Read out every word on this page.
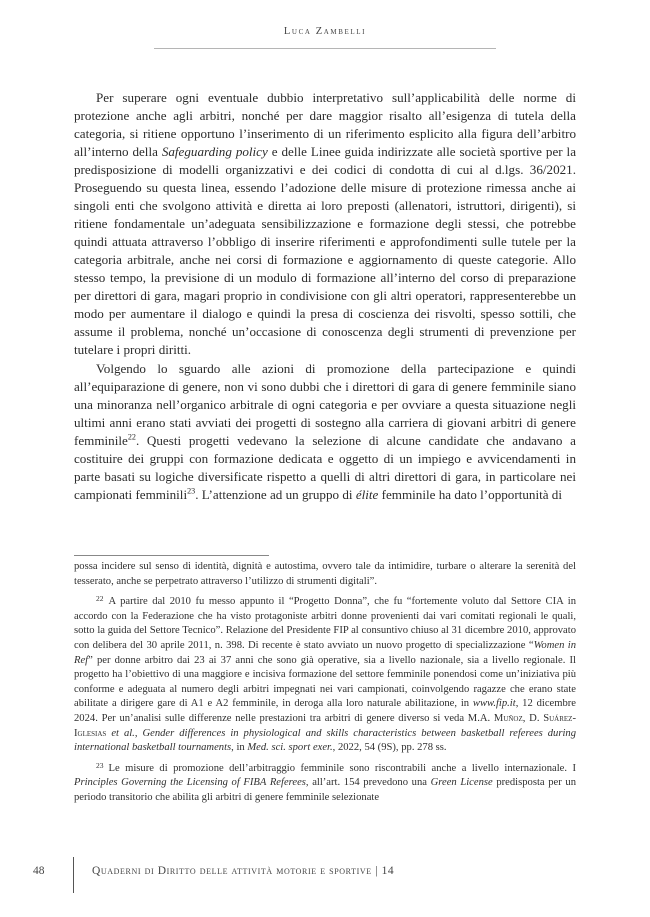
Luca Zambelli

Per superare ogni eventuale dubbio interpretativo sull’applicabilità delle norme di protezione anche agli arbitri, nonché per dare maggior risalto all’esigenza di tutela della categoria, si ritiene opportuno l’inserimento di un riferimento esplicito alla figura dell’arbitro all’interno della Safeguarding policy e delle Linee guida indirizzate alle società sportive per la predisposizione di modelli organizzativi e dei codici di condotta di cui al d.lgs. 36/2021. Proseguendo su questa linea, essendo l’adozione delle misure di protezione rimessa anche ai singoli enti che svolgono attività e diretta ai loro preposti (allenatori, istruttori, dirigenti), si ritiene fondamentale un’adeguata sensibilizzazione e formazione degli stessi, che potrebbe quindi attuata attraverso l’obbligo di inserire riferimenti e approfondimenti sulle tutele per la categoria arbitrale, anche nei corsi di formazione e aggiornamento di queste categorie. Allo stesso tempo, la previsione di un modulo di formazione all’interno del corso di preparazione per direttori di gara, magari proprio in condivisione con gli altri operatori, rappresenterebbe un modo per aumentare il dialogo e quindi la presa di coscienza dei risvolti, spesso sottili, che assume il problema, nonché un’occasione di conoscenza degli strumenti di prevenzione per tutelare i propri diritti.

Volgendo lo sguardo alle azioni di promozione della partecipazione e quindi all’equiparazione di genere, non vi sono dubbi che i direttori di gara di genere femminile siano una minoranza nell’organico arbitrale di ogni categoria e per ovviare a questa situazione negli ultimi anni erano stati avviati dei progetti di sostegno alla carriera di giovani arbitri di genere femminile$^{22}$. Questi progetti vedevano la selezione di alcune candidate che andavano a costituire dei gruppi con formazione dedicata e oggetto di un impiego e avvicendamenti in parte basati su logiche diversificate rispetto a quelli di altri direttori di gara, in particolare nei campionati femminili$^{23}$. L’attenzione ad un gruppo di élite femminile ha dato l’opportunità di

possa incidere sul senso di identità, dignità e autostima, ovvero tale da intimidire, turbare o alterare la serenità del tesserato, anche se perpetrato attraverso l’utilizzo di strumenti digitali”.

$^{22}$ A partire dal 2010 fu messo appunto il “Progetto Donna”, che fu “fortemente voluto dal Settore CIA in accordo con la Federazione che ha visto protagoniste arbitri donne provenienti dai vari comitati regionali le quali, sotto la guida del Settore Tecnico”. Relazione del Presidente FIP al consuntivo chiuso al 31 dicembre 2010, approvato con delibera del 30 aprile 2011, n. 398. Di recente è stato avviato un nuovo progetto di specializzazione “Women in Ref” per donne arbitro dai 23 ai 37 anni che sono già operative, sia a livello nazionale, sia a livello regionale. Il progetto ha l’obiettivo di una maggiore e incisiva formazione del settore femminile ponendosi come un’iniziativa più conforme e adeguata al numero degli arbitri impegnati nei vari campionati, coinvolgendo ragazze che erano state abilitate a dirigere gare di A1 e A2 femminile, in deroga alla loro naturale abilitazione, in www.fip.it, 12 dicembre 2024. Per un’analisi sulle differenze nelle prestazioni tra arbitri di genere diverso si veda M.A. Muñoz, D. Suárez-Iglesias et al., Gender differences in physiological and skills characteristics between basketball referees during international basketball tournaments, in Med. sci. sport exer., 2022, 54 (9S), pp. 278 ss.

$^{23}$ Le misure di promozione dell’arbitraggio femminile sono riscontrabili anche a livello internazionale. I Principles Governing the Licensing of FIBA Referees, all’art. 154 prevedono una Green License predisposta per un periodo transitorio che abilita gli arbitri di genere femminile selezionate

48	Quaderni di Diritto delle attività motorie e sportive | 14
